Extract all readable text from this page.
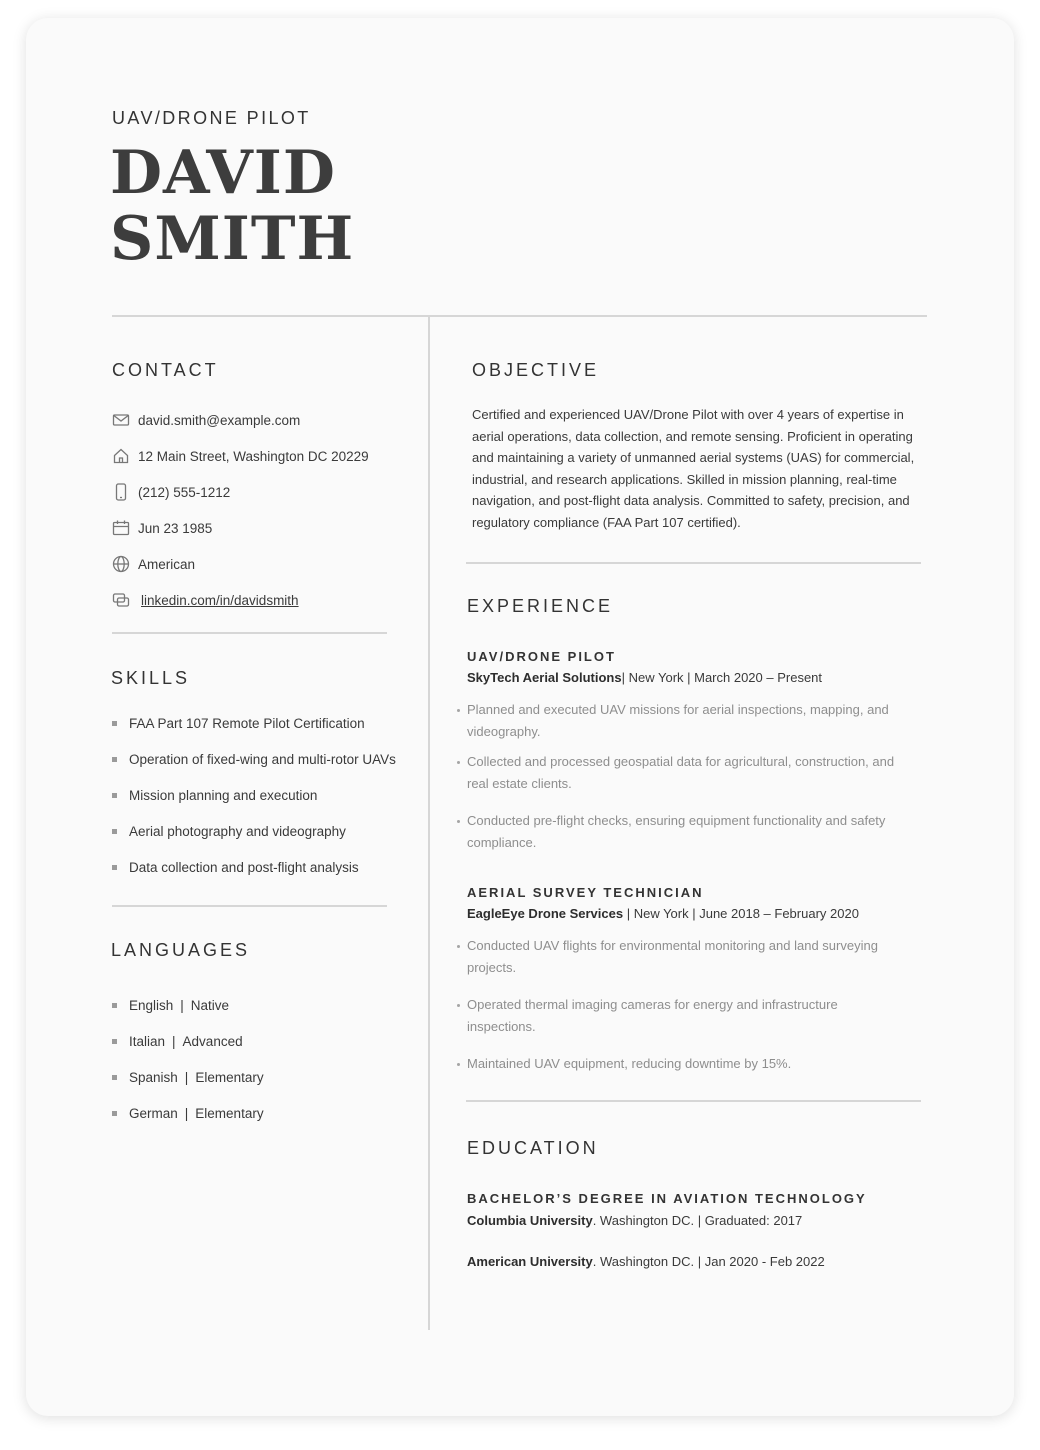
UAV/DRONE PILOT
DAVID
SMITH
CONTACT
david.smith@example.com
12 Main Street, Washington DC 20229
(212) 555-1212
Jun 23 1985
American
linkedin.com/in/davidsmith
SKILLS
FAA Part 107 Remote Pilot Certification
Operation of fixed-wing and multi-rotor UAVs
Mission planning and execution
Aerial photography and videography
Data collection and post-flight analysis
LANGUAGES
English | Native
Italian | Advanced
Spanish | Elementary
German | Elementary
OBJECTIVE

Certified and experienced UAV/Drone Pilot with over 4 years of expertise in aerial operations, data collection, and remote sensing. Proficient in operating and maintaining a variety of unmanned aerial systems (UAS) for commercial, industrial, and research applications. Skilled in mission planning, real-time navigation, and post-flight data analysis. Committed to safety, precision, and regulatory compliance (FAA Part 107 certified).

EXPERIENCE

UAV/DRONE PILOT

SkyTech Aerial Solutions| New York | March 2020 – Present

Planned and executed UAV missions for aerial inspections, mapping, and videography.
Collected and processed geospatial data for agricultural, construction, and real estate clients.
Conducted pre-flight checks, ensuring equipment functionality and safety compliance.

AERIAL SURVEY TECHNICIAN

EagleEye Drone Services | New York | June 2018 – February 2020

Conducted UAV flights for environmental monitoring and land surveying projects.
Operated thermal imaging cameras for energy and infrastructure inspections.
Maintained UAV equipment, reducing downtime by 15%.
EDUCATION

BACHELOR’S DEGREE IN AVIATION TECHNOLOGY

Columbia University. Washington DC. | Graduated: 2017

American University. Washington DC. | Jan 2020 - Feb 2022
